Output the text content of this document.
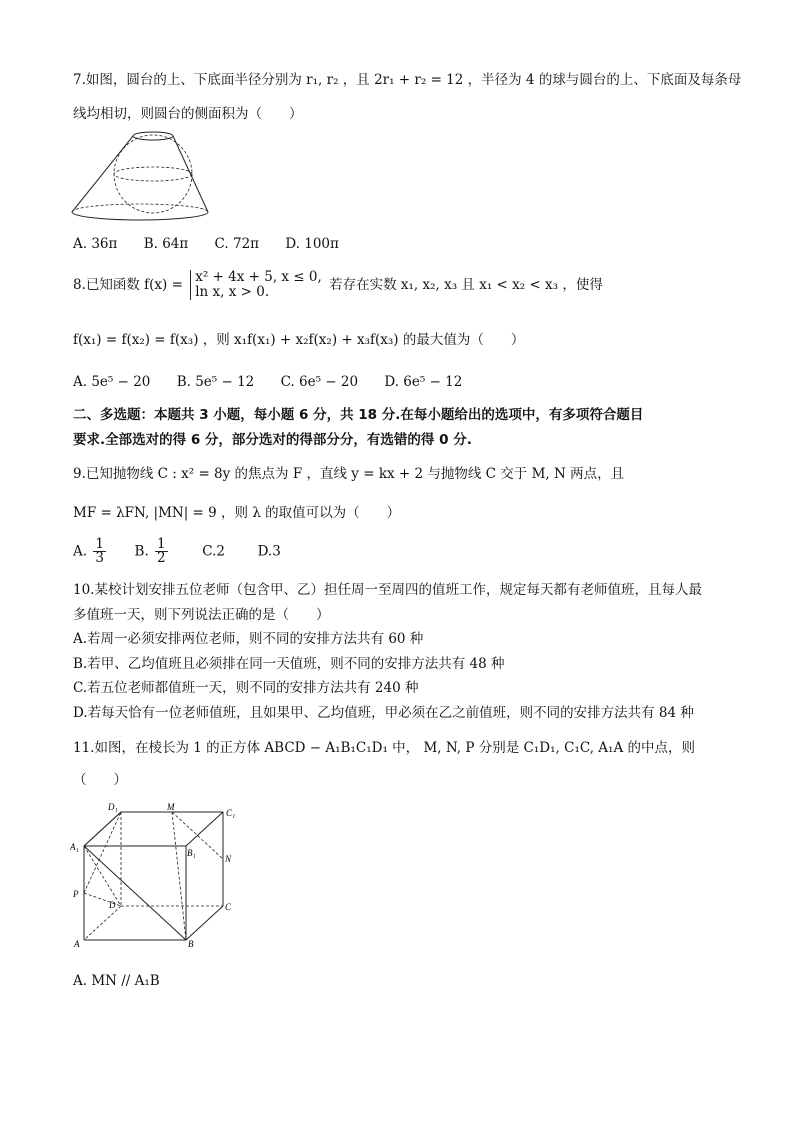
7.如图，圆台的上、下底面半径分别为 r₁, r₂ ，且 2r₁ + r₂ = 12 ，半径为 4 的球与圆台的上、下底面及每条母
线均相切，则圆台的侧面积为（　　）
A. 36π B. 64π C. 72π D. 100π
8.已知函数 f(x) = x² + 4x + 5, x ≤ 0,
ln x, x > 0.	若存在实数 x₁, x₂, x₃ 且 x₁ < x₂ < x₃ ，使得
f(x₁) = f(x₂) = f(x₃) ，则 x₁f(x₁) + x₂f(x₂) + x₃f(x₃) 的最大值为（　　）
A. 5e⁵ − 20 B. 5e⁵ − 12 C. 6e⁵ − 20 D. 6e⁵ − 12
二、多选题：本题共 3 小题，每小题 6 分，共 18 分.在每小题给出的选项中，有多项符合题目
要求.全部选对的得 6 分，部分选对的得部分分，有选错的得 0 分.
9.已知抛物线 C : x² = 8y 的焦点为 F ，直线 y = kx + 2 与抛物线 C 交于 M, N 两点，且
MF = λFN, |MN| = 9 ，则 λ 的取值可以为（　　）
A. $\frac{1}{3} B$. $\frac{1}{2}$	C.2 D.3
10.某校计划安排五位老师（包含甲、乙）担任周一至周四的值班工作，规定每天都有老师值班，且每人最
多值班一天，则下列说法正确的是（　　）
A.若周一必须安排两位老师，则不同的安排方法共有 60 种
B.若甲、乙均值班且必须排在同一天值班，则不同的安排方法共有 48 种
C.若五位老师都值班一天，则不同的安排方法共有 240 种
D.若每天恰有一位老师值班，且如果甲、乙均值班，甲必须在乙之前值班，则不同的安排方法共有 84 种
11.如图，在棱长为 1 的正方体 ABCD − A₁B₁C₁D₁ 中， M, N, P 分别是 C₁D₁, C₁C, A₁A 的中点，则
（　　）
D₁	M
C₁
A₁
B₁
N
P
D	C
A	B
A. MN // A₁B
